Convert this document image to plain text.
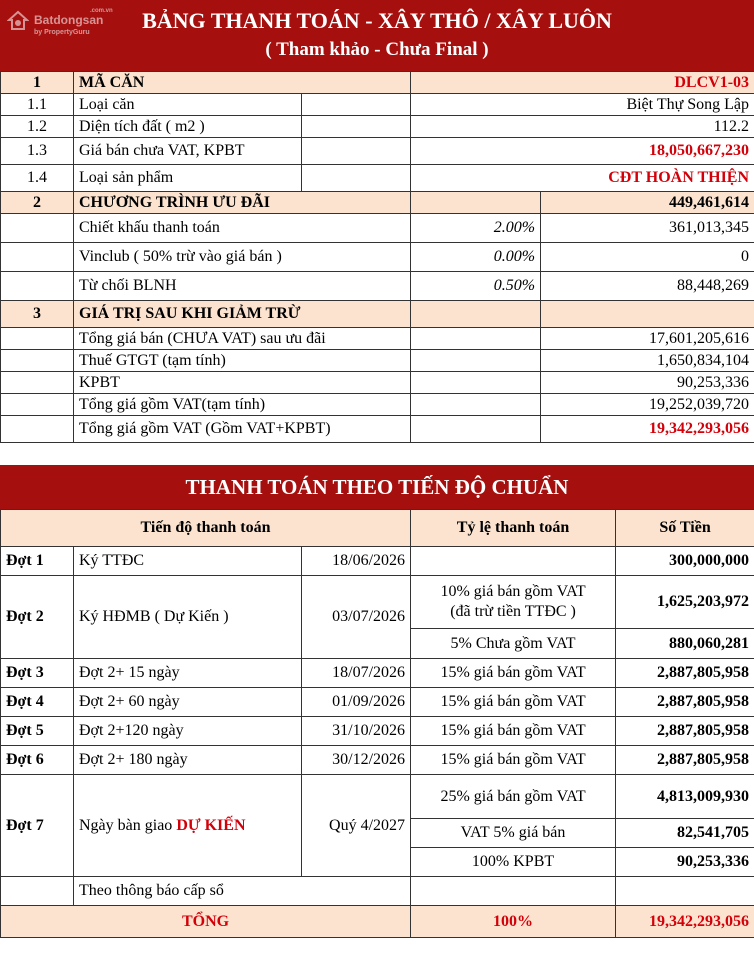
Batdongsan
by PropertyGuru
.com.vn	BẢNG THANH TOÁN - XÂY THÔ / XÂY LUÔN
( Tham khảo - Chưa Final )
1	MÃ CĂN		DLCV1-03	
1.1	Loại căn		Biệt Thự Song Lập	
1.2	Diện tích đất ( m2 )		112.2	
1.3	Giá bán chưa VAT, KPBT		18,050,667,230	
1.4	Loại sản phẩm		CĐT HOÀN THIỆN	
2	CHƯƠNG TRÌNH ƯU ĐÃI			449,461,614
	Chiết khấu thanh toán		2.00%	361,013,345
	Vinclub ( 50% trừ vào giá bán )		0.00%	0
	Từ chối BLNH		0.50%	88,448,269
3	GIÁ TRỊ SAU KHI GIẢM TRỪ			
	Tổng giá bán (CHƯA VAT) sau ưu đãi			17,601,205,616
	Thuế GTGT (tạm tính)			1,650,834,104
	KPBT			90,253,336
	Tổng giá gồm VAT(tạm tính)			19,252,039,720
	Tổng giá gồm VAT (Gồm VAT+KPBT)			19,342,293,056
THANH TOÁN THEO TIẾN ĐỘ CHUẨN
Tiến độ thanh toán			Tỷ lệ thanh toán	Số Tiền
Đợt 1	Ký TTĐC	18/06/2026		300,000,000
Đợt 2	Ký HĐMB ( Dự Kiến )	03/07/2026	10% giá bán gồm VAT
(đã trừ tiền TTĐC )	1,625,203,972
			5% Chưa gồm VAT	880,060,281
Đợt 3	Đợt 2+ 15 ngày	18/07/2026	15% giá bán gồm VAT	2,887,805,958
Đợt 4	Đợt 2+ 60 ngày	01/09/2026	15% giá bán gồm VAT	2,887,805,958
Đợt 5	Đợt 2+120 ngày	31/10/2026	15% giá bán gồm VAT	2,887,805,958
Đợt 6	Đợt 2+ 180 ngày	30/12/2026	15% giá bán gồm VAT	2,887,805,958
Đợt 7	Ngày bàn giao DỰ KIẾN	Quý 4/2027	25% giá bán gồm VAT	4,813,009,930
			VAT 5% giá bán	82,541,705
			100% KPBT	90,253,336
	Theo thông báo cấp sổ			
TỔNG			100%	19,342,293,056
